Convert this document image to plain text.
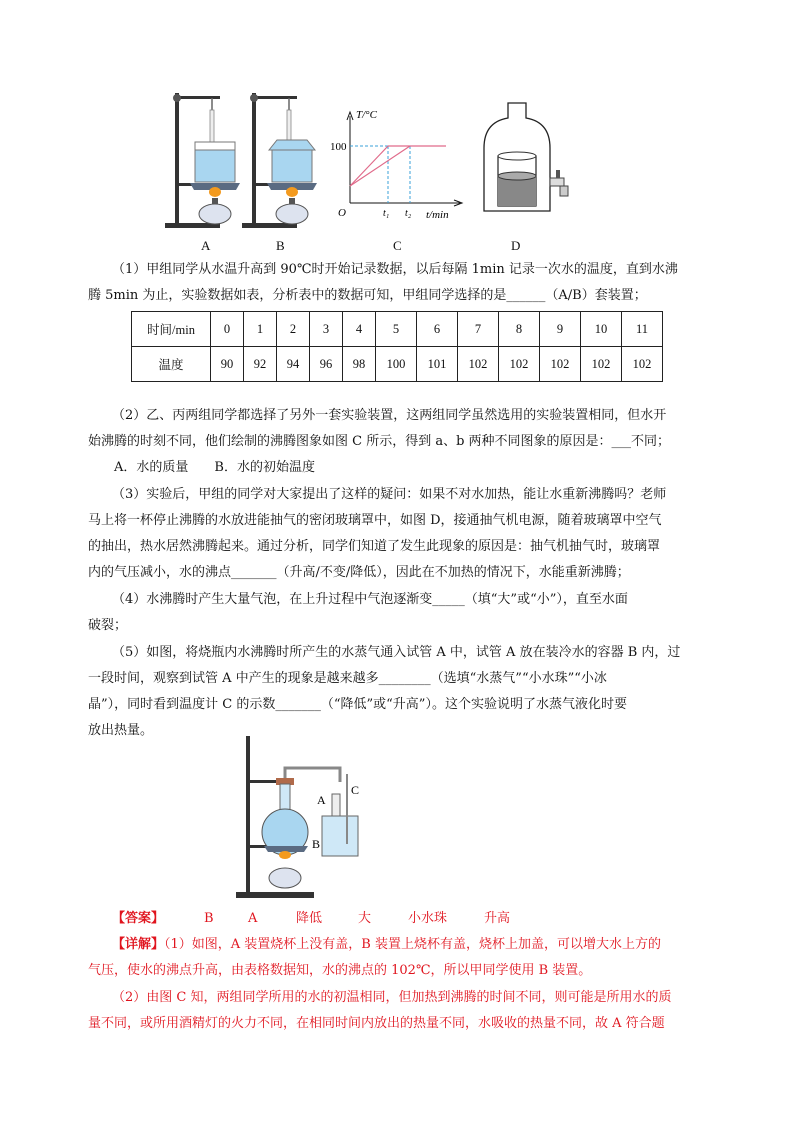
A	B
T/°C
100
O	t₁ t₂ t/min
C	D
（1）甲组同学从水温升高到 90℃时开始记录数据，以后每隔 1min 记录一次水的温度，直到水沸
腾 5min 为止，实验数据如表，分析表中的数据可知，甲组同学选择的是______（A/B）套装置；
时间/min	0	1	2	3	4	5	6	7	8	9	10	11
温度	90	92	94	96	98	100	101	102	102	102	102	102
（2）乙、丙两组同学都选择了另外一套实验装置，这两组同学虽然选用的实验装置相同，但水开
始沸腾的时刻不同，他们绘制的沸腾图象如图 C 所示，得到 a、b 两种不同图象的原因是：___不同；
A．水的质量　　B．水的初始温度
（3）实验后，甲组的同学对大家提出了这样的疑问：如果不对水加热，能让水重新沸腾吗？老师
马上将一杯停止沸腾的水放进能抽气的密闭玻璃罩中，如图 D，接通抽气机电源，随着玻璃罩中空气
的抽出，热水居然沸腾起来。通过分析，同学们知道了发生此现象的原因是：抽气机抽气时，玻璃罩
内的气压减小，水的沸点_______（升高/不变/降低），因此在不加热的情况下，水能重新沸腾；
（4）水沸腾时产生大量气泡，在上升过程中气泡逐渐变_____（填“大”或“小”），直至水面
破裂；
（5）如图，将烧瓶内水沸腾时所产生的水蒸气通入试管 A 中，试管 A 放在装冷水的容器 B 内，过
一段时间，观察到试管 A 中产生的现象是越来越多________（选填“水蒸气”“小水珠”“小冰
晶”），同时看到温度计 C 的示数_______（“降低”或“升高”）。这个实验说明了水蒸气液化时要
放出热量。
A
B
C
【答案】	B	A	降低	大	小水珠	升高
【详解】（1）如图，A 装置烧杯上没有盖，B 装置上烧杯有盖，烧杯上加盖，可以增大水上方的
气压，使水的沸点升高，由表格数据知，水的沸点的 102℃，所以甲同学使用 B 装置。
（2）由图 C 知，两组同学所用的水的初温相同，但加热到沸腾的时间不同，则可能是所用水的质
量不同，或所用酒精灯的火力不同，在相同时间内放出的热量不同，水吸收的热量不同，故 A 符合题
